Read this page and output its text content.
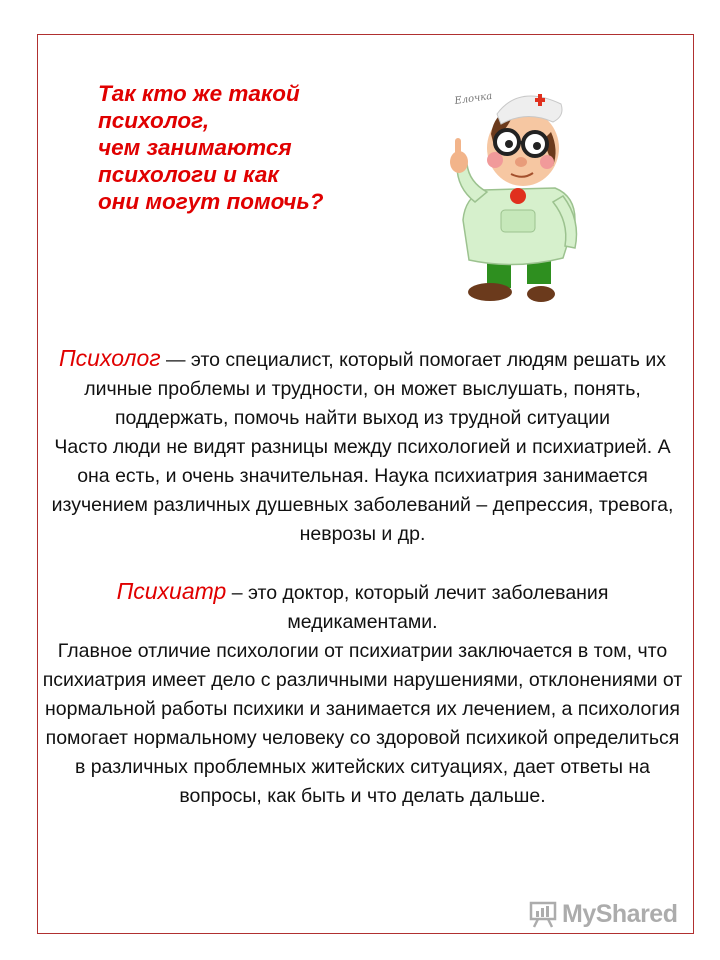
Так кто же такой
психолог,
чем занимаются
психологи и как
они могут помочь?
Елочка

Психолог — это специалист, который помогает людям решать их личные проблемы и трудности, он может выслушать, понять, поддержать, помочь найти выход из трудной ситуации

Часто люди не видят разницы между психологией и психиатрией. А она есть, и очень значительная. Наука психиатрия занимается изучением различных душевных заболеваний – депрессия, тревога, неврозы и др.

Психиатр – это доктор, который лечит заболевания медикаментами.

Главное отличие психологии от психиатрии заключается в том, что психиатрия имеет дело с различными нарушениями, отклонениями от нормальной работы психики и занимается их лечением, а психология помогает нормальному человеку со здоровой психикой определиться в различных проблемных житейских ситуациях, дает ответы на вопросы, как быть и что делать дальше.

MyShared
